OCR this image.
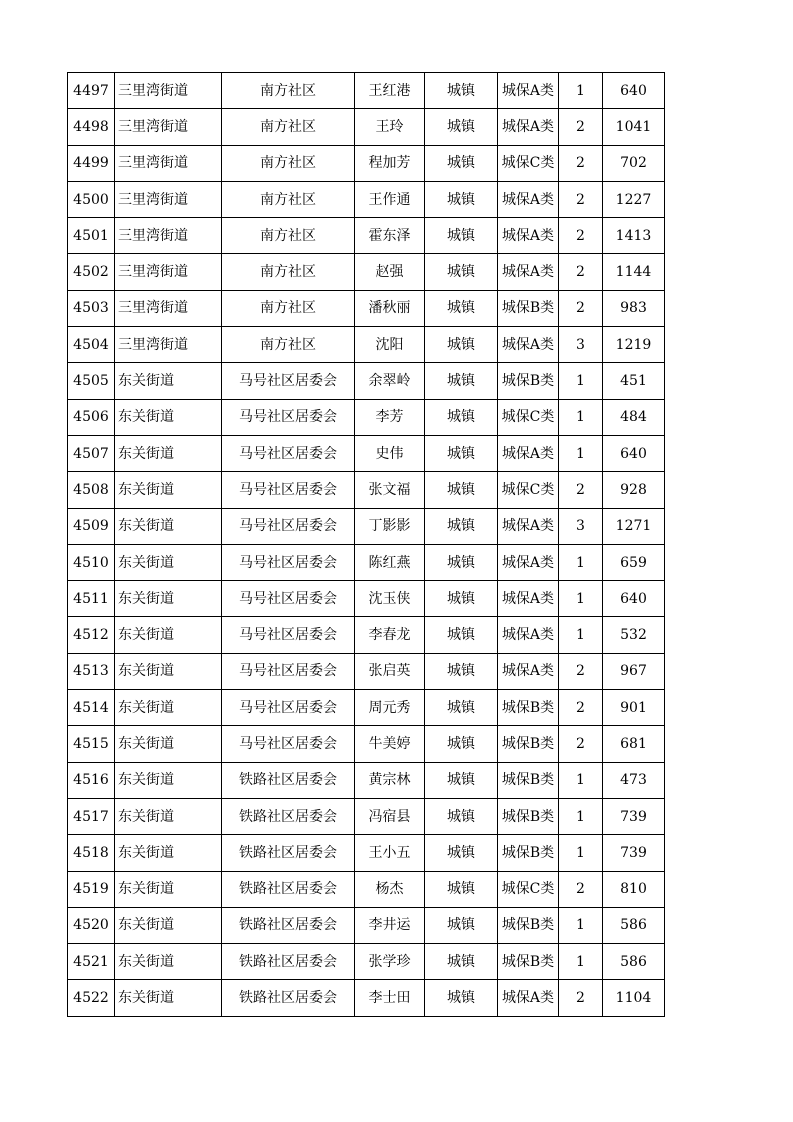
4497	三里湾街道	南方社区	王红港	城镇	城保A类	1	640
4498	三里湾街道	南方社区	王玲	城镇	城保A类	2	1041
4499	三里湾街道	南方社区	程加芳	城镇	城保C类	2	702
4500	三里湾街道	南方社区	王作通	城镇	城保A类	2	1227
4501	三里湾街道	南方社区	霍东泽	城镇	城保A类	2	1413
4502	三里湾街道	南方社区	赵强	城镇	城保A类	2	1144
4503	三里湾街道	南方社区	潘秋丽	城镇	城保B类	2	983
4504	三里湾街道	南方社区	沈阳	城镇	城保A类	3	1219
4505	东关街道	马号社区居委会	余翠岭	城镇	城保B类	1	451
4506	东关街道	马号社区居委会	李芳	城镇	城保C类	1	484
4507	东关街道	马号社区居委会	史伟	城镇	城保A类	1	640
4508	东关街道	马号社区居委会	张文福	城镇	城保C类	2	928
4509	东关街道	马号社区居委会	丁影影	城镇	城保A类	3	1271
4510	东关街道	马号社区居委会	陈红燕	城镇	城保A类	1	659
4511	东关街道	马号社区居委会	沈玉侠	城镇	城保A类	1	640
4512	东关街道	马号社区居委会	李春龙	城镇	城保A类	1	532
4513	东关街道	马号社区居委会	张启英	城镇	城保A类	2	967
4514	东关街道	马号社区居委会	周元秀	城镇	城保B类	2	901
4515	东关街道	马号社区居委会	牛美婷	城镇	城保B类	2	681
4516	东关街道	铁路社区居委会	黄宗林	城镇	城保B类	1	473
4517	东关街道	铁路社区居委会	冯宿县	城镇	城保B类	1	739
4518	东关街道	铁路社区居委会	王小五	城镇	城保B类	1	739
4519	东关街道	铁路社区居委会	杨杰	城镇	城保C类	2	810
4520	东关街道	铁路社区居委会	李井运	城镇	城保B类	1	586
4521	东关街道	铁路社区居委会	张学珍	城镇	城保B类	1	586
4522	东关街道	铁路社区居委会	李士田	城镇	城保A类	2	1104
